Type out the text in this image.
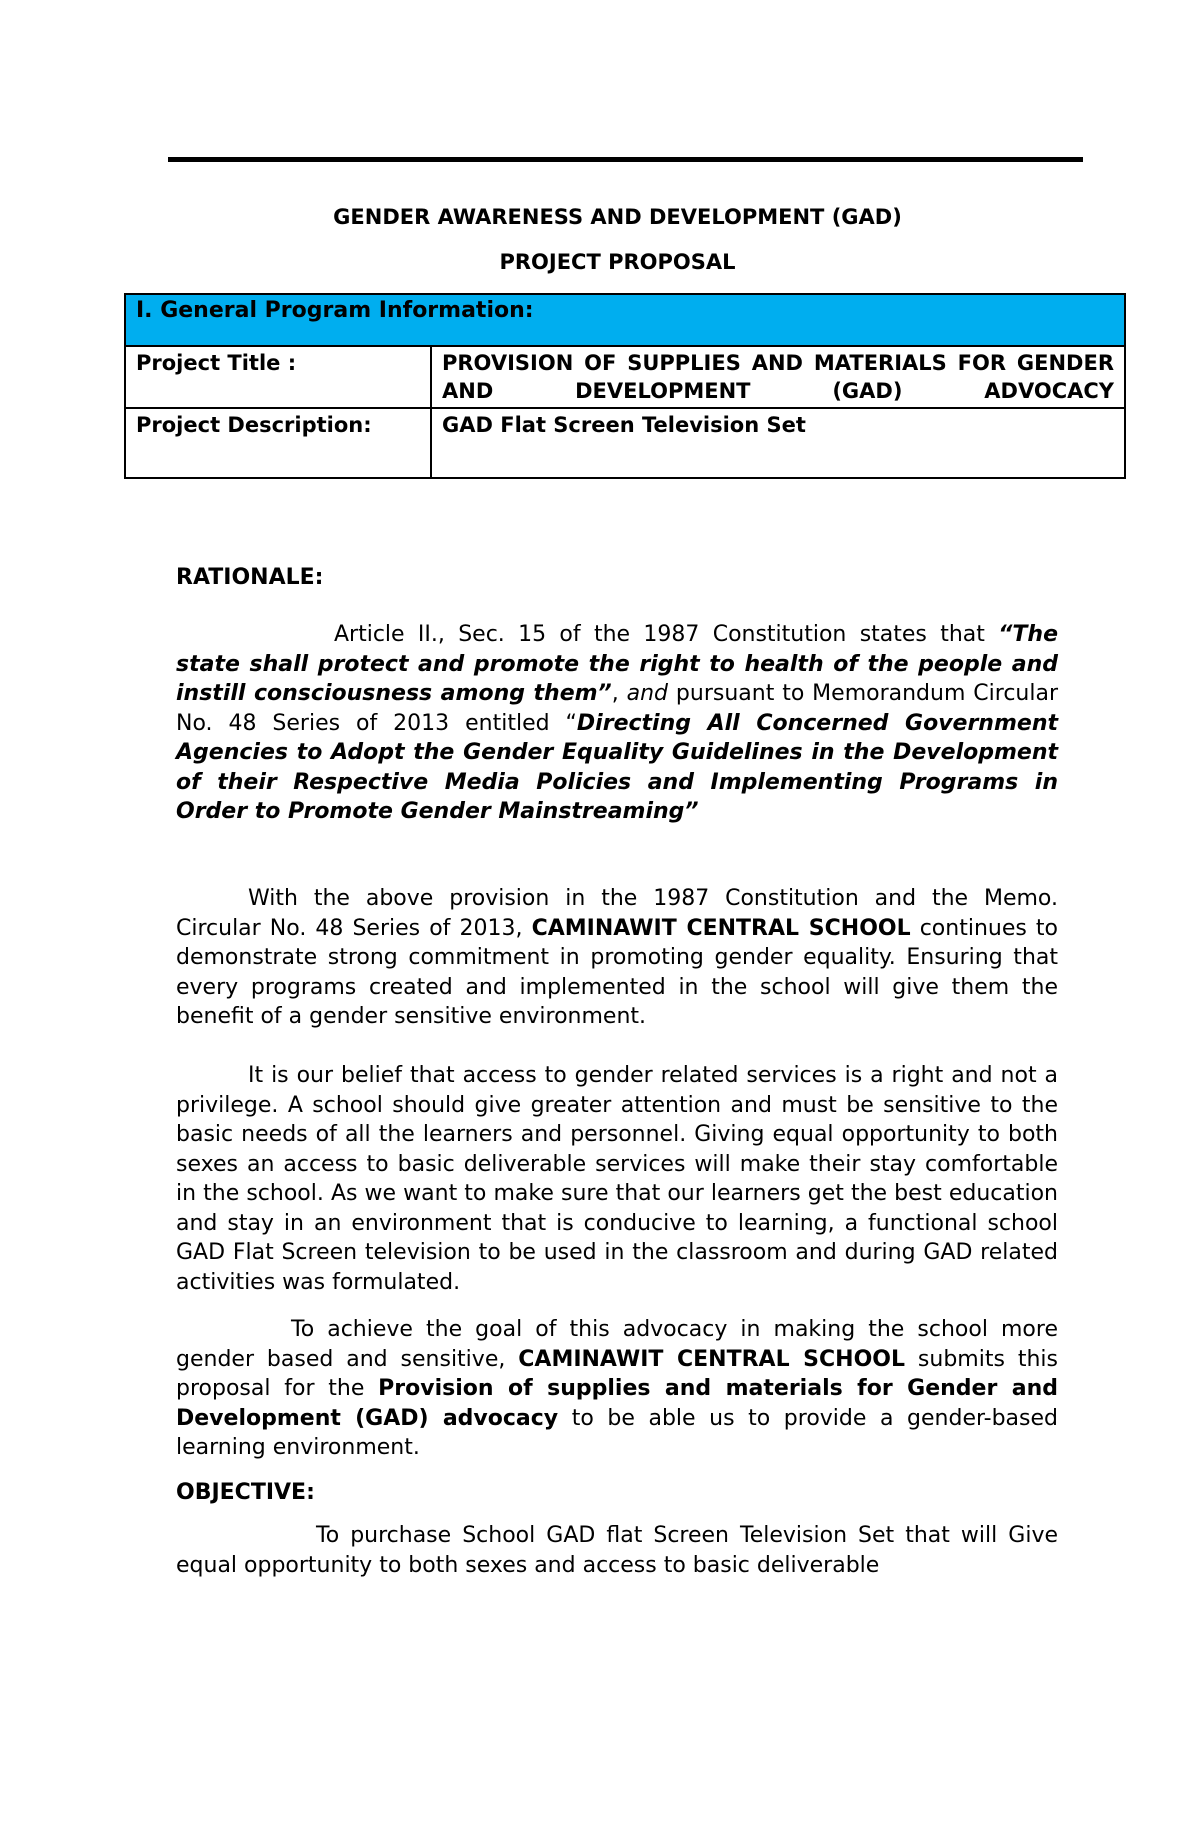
GENDER AWARENESS AND DEVELOPMENT (GAD)
PROJECT PROPOSAL
I. General Program Information:	
Project Title :	PROVISION OF SUPPLIES AND MATERIALS FOR GENDER AND DEVELOPMENT (GAD) ADVOCACY
Project Description:	GAD Flat Screen Television Set
RATIONALE:

Article II., Sec. 15 of the 1987 Constitution states that “The state shall protect and promote the right to health of the people and instill consciousness among them”, and pursuant to Memorandum Circular No. 48 Series of 2013 entitled “Directing All Concerned Government Agencies to Adopt the Gender Equality Guidelines in the Development of their Respective Media Policies and Implementing Programs in Order to Promote Gender Mainstreaming”

With the above provision in the 1987 Constitution and the Memo. Circular No. 48 Series of 2013, CAMINAWIT CENTRAL SCHOOL continues to demonstrate strong commitment in promoting gender equality. Ensuring that every programs created and implemented in the school will give them the benefit of a gender sensitive environment.

It is our belief that access to gender related services is a right and not a privilege. A school should give greater attention and must be sensitive to the basic needs of all the learners and personnel. Giving equal opportunity to both sexes an access to basic deliverable services will make their stay comfortable in the school. As we want to make sure that our learners get the best education and stay in an environment that is conducive to learning, a functional school GAD Flat Screen television to be used in the classroom and during GAD related activities was formulated.

To achieve the goal of this advocacy in making the school more gender based and sensitive, CAMINAWIT CENTRAL SCHOOL submits this proposal for the Provision of supplies and materials for Gender and Development (GAD) advocacy to be able us to provide a gender-based learning environment.

OBJECTIVE:

To purchase School GAD flat Screen Television Set that will Give equal opportunity to both sexes and access to basic deliverable
